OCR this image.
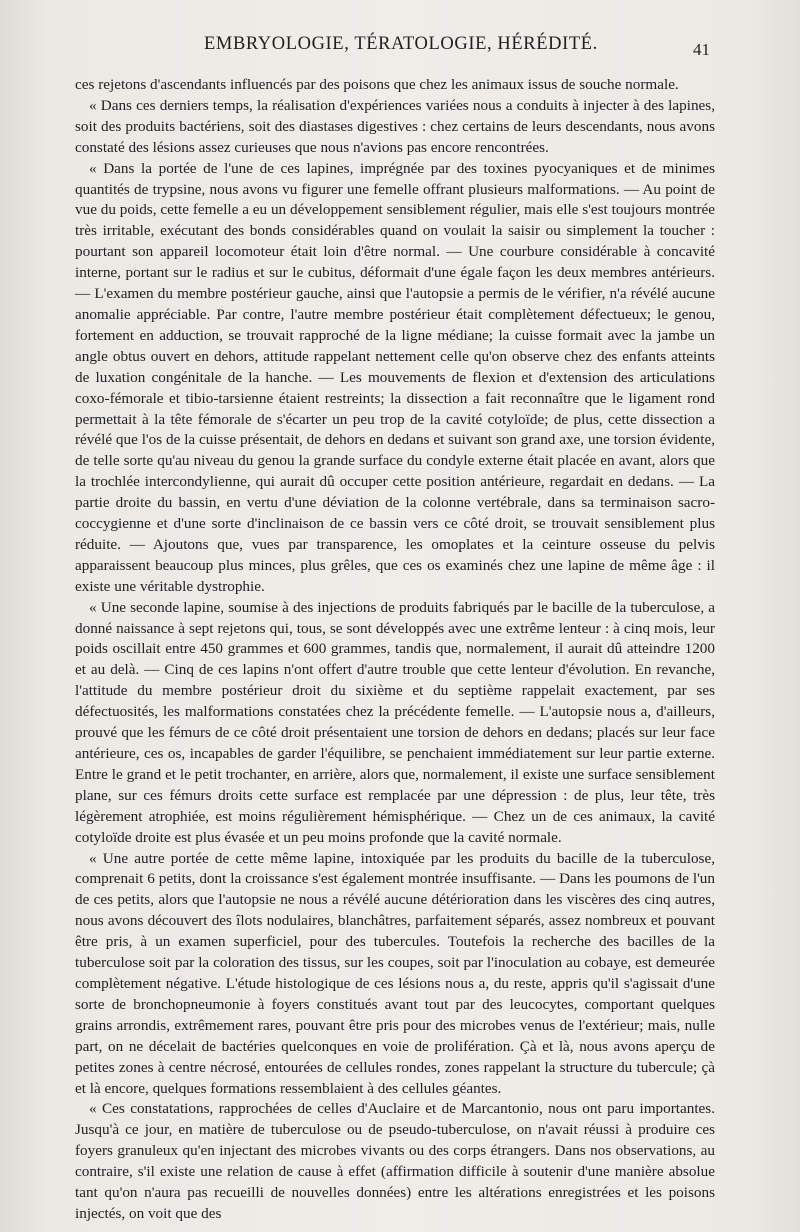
EMBRYOLOGIE, TÉRATOLOGIE, HÉRÉDITÉ.	41

ces rejetons d'ascendants influencés par des poisons que chez les animaux issus de souche normale.

« Dans ces derniers temps, la réalisation d'expériences variées nous a conduits à injecter à des lapines, soit des produits bactériens, soit des diastases digestives : chez certains de leurs descendants, nous avons constaté des lésions assez curieuses que nous n'avions pas encore rencontrées.

« Dans la portée de l'une de ces lapines, imprégnée par des toxines pyocyaniques et de minimes quantités de trypsine, nous avons vu figurer une femelle offrant plusieurs malformations. — Au point de vue du poids, cette femelle a eu un développement sensiblement régulier, mais elle s'est toujours montrée très irritable, exécutant des bonds considérables quand on voulait la saisir ou simplement la toucher : pourtant son appareil locomoteur était loin d'être normal. — Une courbure considérable à concavité interne, portant sur le radius et sur le cubitus, déformait d'une égale façon les deux membres antérieurs. — L'examen du membre postérieur gauche, ainsi que l'autopsie a permis de le vérifier, n'a révélé aucune anomalie appréciable. Par contre, l'autre membre postérieur était complètement défectueux; le genou, fortement en adduction, se trouvait rapproché de la ligne médiane; la cuisse formait avec la jambe un angle obtus ouvert en dehors, attitude rappelant nettement celle qu'on observe chez des enfants atteints de luxation congénitale de la hanche. — Les mouvements de flexion et d'extension des articulations coxo-fémorale et tibio-tarsienne étaient restreints; la dissection a fait reconnaître que le ligament rond permettait à la tête fémorale de s'écarter un peu trop de la cavité cotyloïde; de plus, cette dissection a révélé que l'os de la cuisse présentait, de dehors en dedans et suivant son grand axe, une torsion évidente, de telle sorte qu'au niveau du genou la grande surface du condyle externe était placée en avant, alors que la trochlée intercondylienne, qui aurait dû occuper cette position antérieure, regardait en dedans. — La partie droite du bassin, en vertu d'une déviation de la colonne vertébrale, dans sa terminaison sacro-coccygienne et d'une sorte d'inclinaison de ce bassin vers ce côté droit, se trouvait sensiblement plus réduite. — Ajoutons que, vues par transparence, les omoplates et la ceinture osseuse du pelvis apparaissent beaucoup plus minces, plus grêles, que ces os examinés chez une lapine de même âge : il existe une véritable dystrophie.

« Une seconde lapine, soumise à des injections de produits fabriqués par le bacille de la tuberculose, a donné naissance à sept rejetons qui, tous, se sont développés avec une extrême lenteur : à cinq mois, leur poids oscillait entre 450 grammes et 600 grammes, tandis que, normalement, il aurait dû atteindre 1200 et au delà. — Cinq de ces lapins n'ont offert d'autre trouble que cette lenteur d'évolution. En revanche, l'attitude du membre postérieur droit du sixième et du septième rappelait exactement, par ses défectuosités, les malformations constatées chez la précédente femelle. — L'autopsie nous a, d'ailleurs, prouvé que les fémurs de ce côté droit présentaient une torsion de dehors en dedans; placés sur leur face antérieure, ces os, incapables de garder l'équilibre, se penchaient immédiatement sur leur partie externe. Entre le grand et le petit trochanter, en arrière, alors que, normalement, il existe une surface sensiblement plane, sur ces fémurs droits cette surface est remplacée par une dépression : de plus, leur tête, très légèrement atrophiée, est moins régulièrement hémisphérique. — Chez un de ces animaux, la cavité cotyloïde droite est plus évasée et un peu moins profonde que la cavité normale.

« Une autre portée de cette même lapine, intoxiquée par les produits du bacille de la tuberculose, comprenait 6 petits, dont la croissance s'est également montrée insuffisante. — Dans les poumons de l'un de ces petits, alors que l'autopsie ne nous a révélé aucune détérioration dans les viscères des cinq autres, nous avons découvert des îlots nodulaires, blanchâtres, parfaitement séparés, assez nombreux et pouvant être pris, à un examen superficiel, pour des tubercules. Toutefois la recherche des bacilles de la tuberculose soit par la coloration des tissus, sur les coupes, soit par l'inoculation au cobaye, est demeurée complètement négative. L'étude histologique de ces lésions nous a, du reste, appris qu'il s'agissait d'une sorte de bronchopneumonie à foyers constitués avant tout par des leucocytes, comportant quelques grains arrondis, extrêmement rares, pouvant être pris pour des microbes venus de l'extérieur; mais, nulle part, on ne décelait de bactéries quelconques en voie de prolifération. Çà et là, nous avons aperçu de petites zones à centre nécrosé, entourées de cellules rondes, zones rappelant la structure du tubercule; çà et là encore, quelques formations ressemblaient à des cellules géantes.

« Ces constatations, rapprochées de celles d'Auclaire et de Marcantonio, nous ont paru importantes. Jusqu'à ce jour, en matière de tuberculose ou de pseudo-tuberculose, on n'avait réussi à produire ces foyers granuleux qu'en injectant des microbes vivants ou des corps étrangers. Dans nos observations, au contraire, s'il existe une relation de cause à effet (affirmation difficile à soutenir d'une manière absolue tant qu'on n'aura pas recueilli de nouvelles données) entre les altérations enregistrées et les poisons injectés, on voit que des
